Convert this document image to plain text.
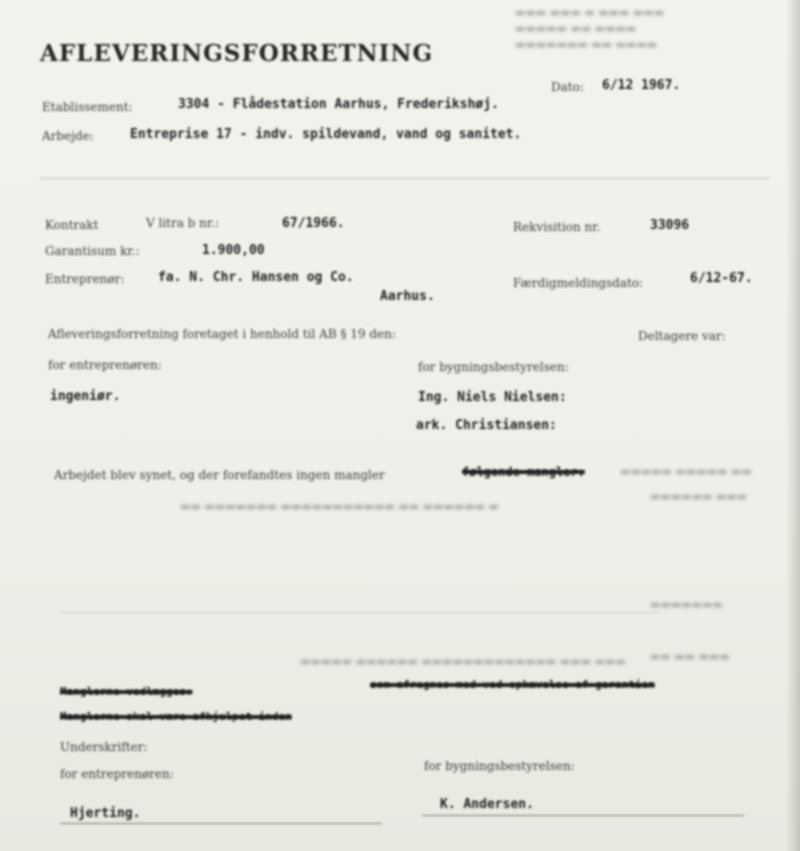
▬▬▬ ▬▬▬ ▬ ▬▬▬ ▬▬▬
▬▬▬▬▬ ▬▬ ▬▬▬▬
▬▬▬▬▬▬▬ ▬▬ ▬▬▬▬
AFLEVERINGSFORRETNING
Dato: 6/12 1967.
Etablissement:	3304 - Flådestation Aarhus, Frederikshøj.
Arbejde:	Entreprise 17 - indv. spildevand, vand og sanitet.
Kontrakt	V litra b nr.:	67/1966.	Rekvisition nr.	33096
Garantisum kr.:	1.900,00
Entreprenør:	fa. N. Chr. Hansen og Co.
Aarhus.
Færdigmeldingsdato:	6/12-67.
Afleveringsforretning foretaget i henhold til AB § 19 den:	Deltagere var:
for entreprenøren:	for bygningsbestyrelsen:
ingeniør.	Ing. Niels Nielsen:
ark. Christiansen:
Arbejdet blev synet, og der forefandtes ingen mangler	følgende mangler:	▬▬▬▬▬ ▬▬▬▬▬ ▬▬
▬▬▬▬▬▬ ▬▬▬
▬▬ ▬▬▬▬▬▬▬ ▬▬▬▬▬▬▬▬▬▬▬ ▬▬ ▬▬▬▬▬▬ ▬
▬▬▬▬▬▬▬
▬▬ ▬▬ ▬▬▬
▬▬▬▬▬ ▬▬▬▬▬▬ ▬▬▬▬▬▬▬▬▬▬▬▬▬ ▬▬▬ ▬▬▬
Manglerne vedlægges:
som afregnes med ved ophævelse af garantien
Manglerne skal være afhjulpet inden
Underskrifter:
for entreprenøren:
for bygningsbestyrelsen:
Hjerting.
K. Andersen.
